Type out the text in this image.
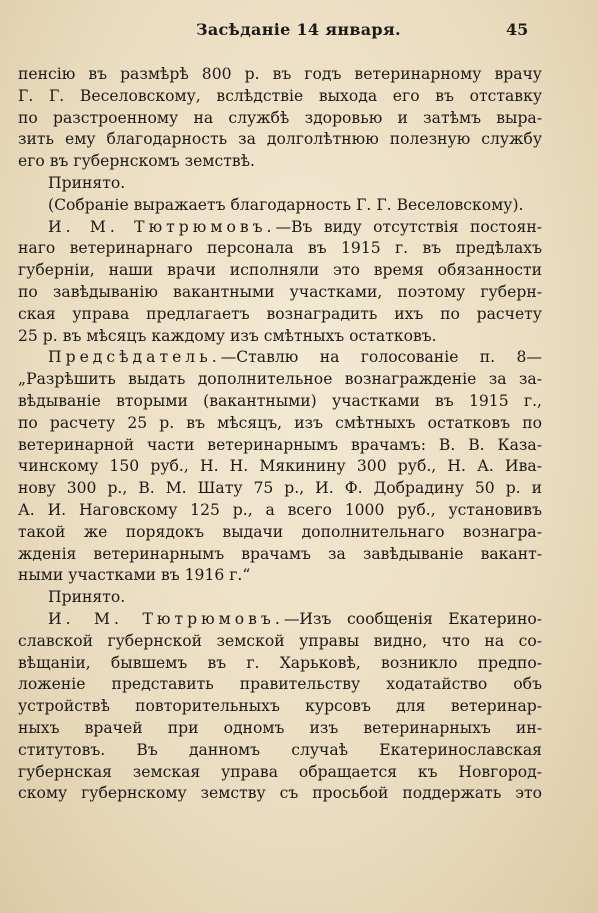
Засѣданіе 14 января.	45
пенсію въ размѣрѣ 800 р. въ годъ ветеринарному врачу
Г. Г. Веселовскому, вслѣдствіе выхода его въ отставку
по разстроенному на службѣ здоровью и затѣмъ выра-
зить ему благодарность за долголѣтнюю полезную службу
его въ губернскомъ земствѣ.
Принято.
(Собраніе выражаетъ благодарность Г. Г. Веселовскому).
И. М. Тютрюмовъ.—Въ виду отсутствія постоян-
наго ветеринарнаго персонала въ 1915 г. въ предѣлахъ
губерніи, наши врачи исполняли это время обязанности
по завѣдыванію вакантными участками, поэтому губерн-
ская управа предлагаетъ вознаградить ихъ по расчету
25 р. въ мѣсяцъ каждому изъ смѣтныхъ остатковъ.
Предсѣдатель.—Ставлю на голосованіе п. 8—
„Разрѣшить выдать дополнительное вознагражденіе за за-
вѣдываніе вторыми (вакантными) участками въ 1915 г.,
по расчету 25 р. въ мѣсяцъ, изъ смѣтныхъ остатковъ по
ветеринарной части ветеринарнымъ врачамъ: В. В. Каза-
чинскому 150 руб., Н. Н. Мякинину 300 руб., Н. А. Ива-
нову 300 р., В. М. Шату 75 р., И. Ф. Добрадину 50 р. и
А. И. Наговскому 125 р., а всего 1000 руб., установивъ
такой же порядокъ выдачи дополнительнаго вознагра-
жденія ветеринарнымъ врачамъ за завѣдываніе вакант-
ными участками въ 1916 г.“
Принято.
И. М. Тютрюмовъ.—Изъ сообщенія Екатерино-
славской губернской земской управы видно, что на со-
вѣщаніи, бывшемъ въ г. Харьковѣ, возникло предпо-
ложеніе представить правительству ходатайство объ
устройствѣ повторительныхъ курсовъ для ветеринар-
ныхъ врачей при одномъ изъ ветеринарныхъ ин-
ститутовъ. Въ данномъ случаѣ Екатеринославская
губернская земская управа обращается къ Новгород-
скому губернскому земству съ просьбой поддержать это
